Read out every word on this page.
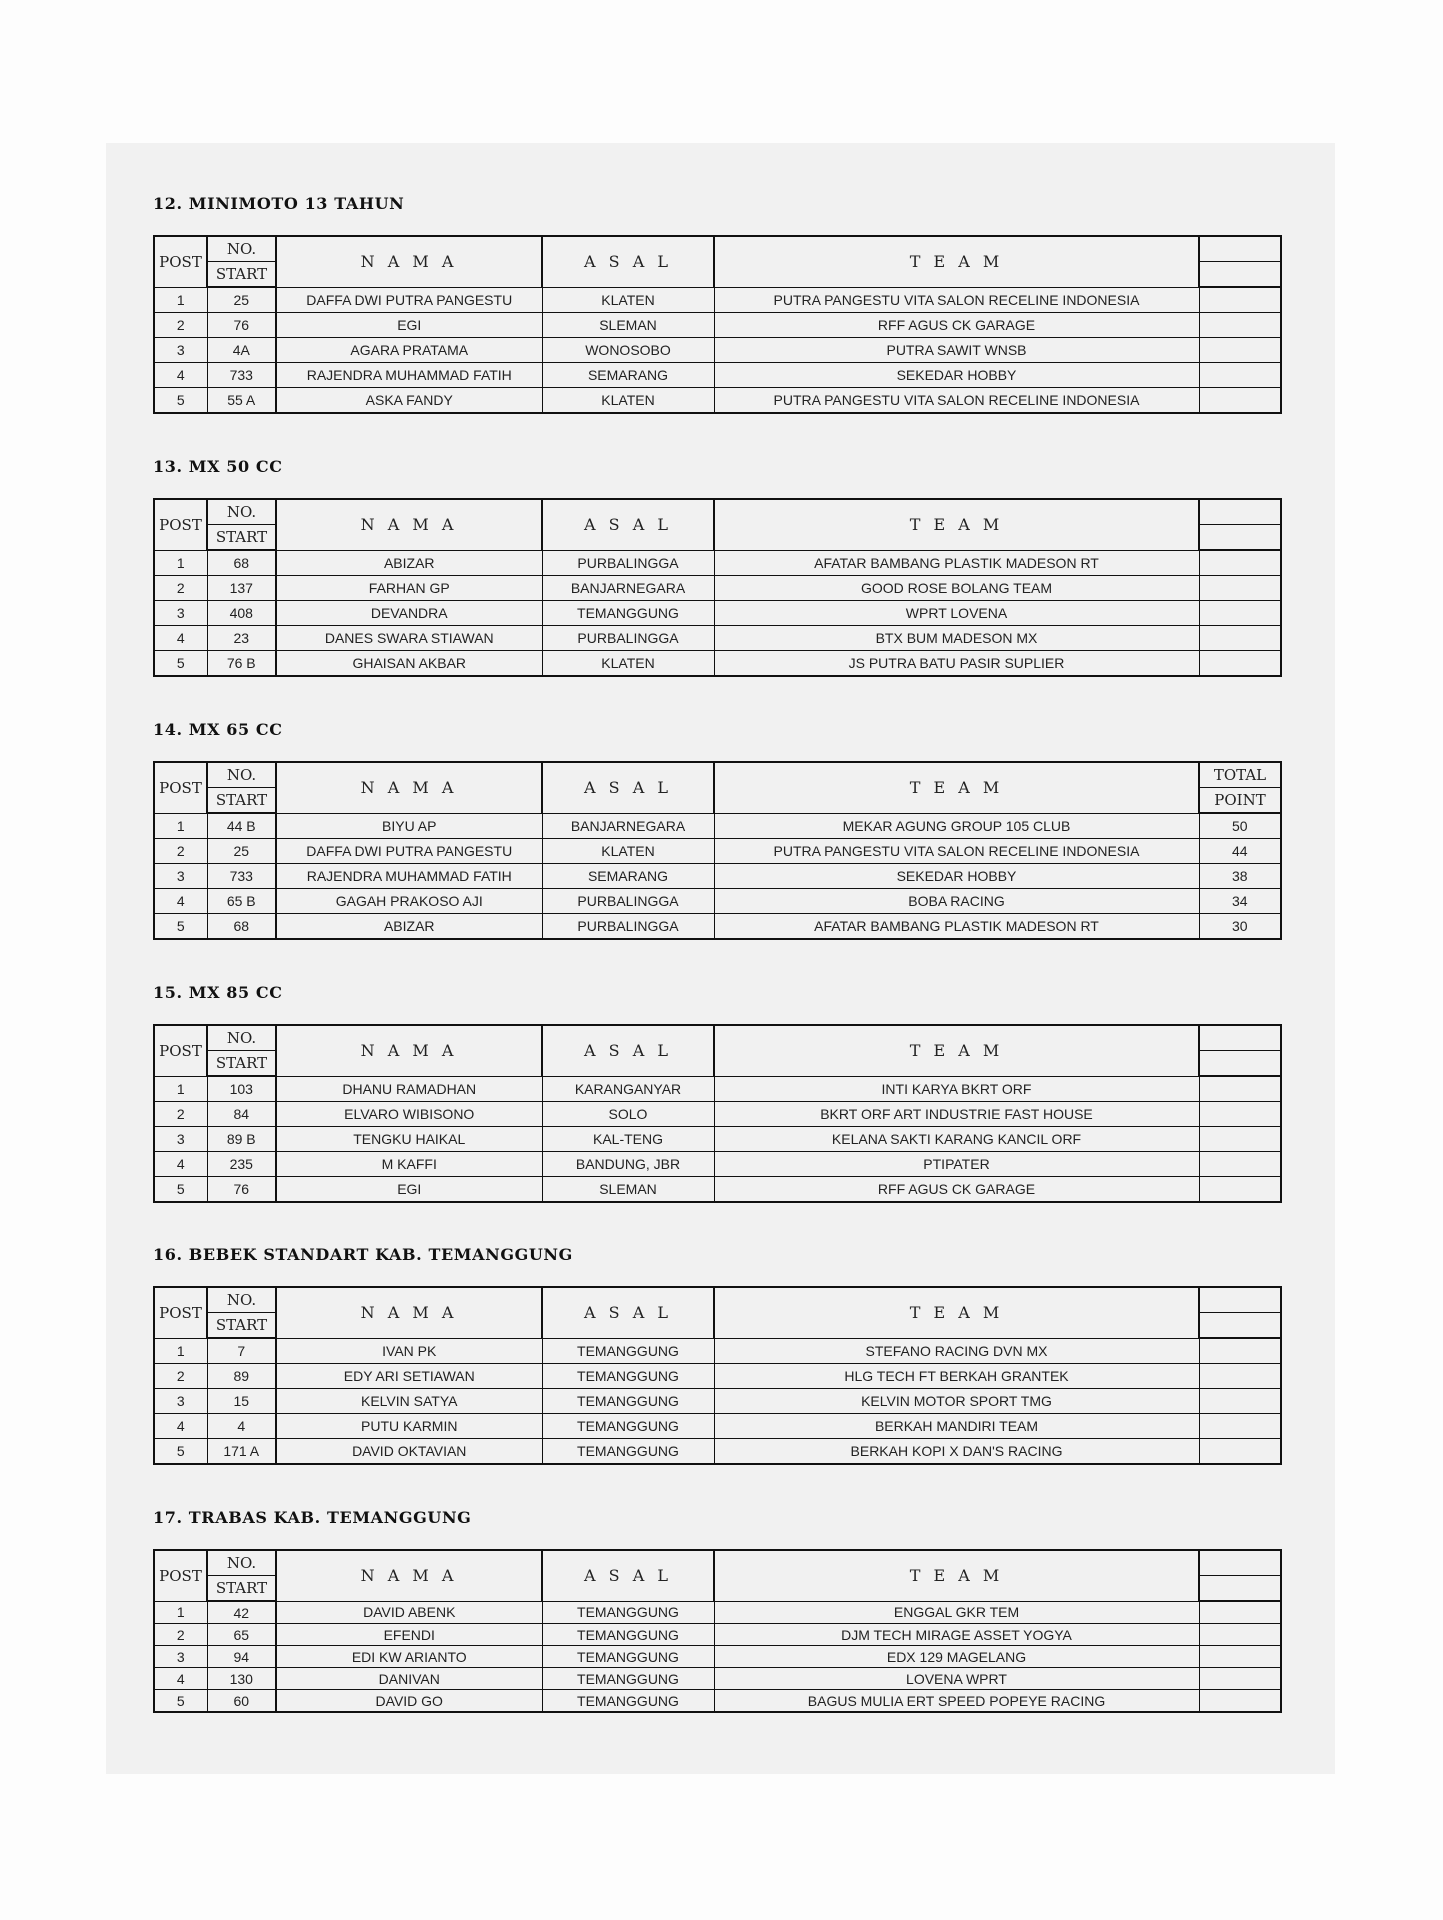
12. MINIMOTO 13 TAHUN
POST	NO.	N A M A	A S A L	T E A M	
	START				
1	25	DAFFA DWI PUTRA PANGESTU	KLATEN	PUTRA PANGESTU VITA SALON RECELINE INDONESIA	
2	76	EGI	SLEMAN	RFF AGUS CK GARAGE	
3	4A	AGARA PRATAMA	WONOSOBO	PUTRA SAWIT WNSB	
4	733	RAJENDRA MUHAMMAD FATIH	SEMARANG	SEKEDAR HOBBY	
5	55 A	ASKA FANDY	KLATEN	PUTRA PANGESTU VITA SALON RECELINE INDONESIA	
13. MX 50 CC
POST	NO.	N A M A	A S A L	T E A M	
	START				
1	68	ABIZAR	PURBALINGGA	AFATAR BAMBANG PLASTIK MADESON RT	
2	137	FARHAN GP	BANJARNEGARA	GOOD ROSE BOLANG TEAM	
3	408	DEVANDRA	TEMANGGUNG	WPRT LOVENA	
4	23	DANES SWARA STIAWAN	PURBALINGGA	BTX BUM MADESON MX	
5	76 B	GHAISAN AKBAR	KLATEN	JS PUTRA BATU PASIR SUPLIER	
14. MX 65 CC
POST	NO.	N A M A	A S A L	T E A M	TOTAL
	START				POINT
1	44 B	BIYU AP	BANJARNEGARA	MEKAR AGUNG GROUP 105 CLUB	50
2	25	DAFFA DWI PUTRA PANGESTU	KLATEN	PUTRA PANGESTU VITA SALON RECELINE INDONESIA	44
3	733	RAJENDRA MUHAMMAD FATIH	SEMARANG	SEKEDAR HOBBY	38
4	65 B	GAGAH PRAKOSO AJI	PURBALINGGA	BOBA RACING	34
5	68	ABIZAR	PURBALINGGA	AFATAR BAMBANG PLASTIK MADESON RT	30
15. MX 85 CC
POST	NO.	N A M A	A S A L	T E A M	
	START				
1	103	DHANU RAMADHAN	KARANGANYAR	INTI KARYA BKRT ORF	
2	84	ELVARO WIBISONO	SOLO	BKRT ORF ART INDUSTRIE FAST HOUSE	
3	89 B	TENGKU HAIKAL	KAL-TENG	KELANA SAKTI KARANG KANCIL ORF	
4	235	M KAFFI	BANDUNG, JBR	PTIPATER	
5	76	EGI	SLEMAN	RFF AGUS CK GARAGE	
16. BEBEK STANDART KAB. TEMANGGUNG
POST	NO.	N A M A	A S A L	T E A M	
	START				
1	7	IVAN PK	TEMANGGUNG	STEFANO RACING DVN MX	
2	89	EDY ARI SETIAWAN	TEMANGGUNG	HLG TECH FT BERKAH GRANTEK	
3	15	KELVIN SATYA	TEMANGGUNG	KELVIN MOTOR SPORT TMG	
4	4	PUTU KARMIN	TEMANGGUNG	BERKAH MANDIRI TEAM	
5	171 A	DAVID OKTAVIAN	TEMANGGUNG	BERKAH KOPI X DAN'S RACING	
17. TRABAS KAB. TEMANGGUNG
POST	NO.	N A M A	A S A L	T E A M	
	START				
1	42	DAVID ABENK	TEMANGGUNG	ENGGAL GKR TEM	
2	65	EFENDI	TEMANGGUNG	DJM TECH MIRAGE ASSET YOGYA	
3	94	EDI KW ARIANTO	TEMANGGUNG	EDX 129 MAGELANG	
4	130	DANIVAN	TEMANGGUNG	LOVENA WPRT	
5	60	DAVID GO	TEMANGGUNG	BAGUS MULIA ERT SPEED POPEYE RACING	
